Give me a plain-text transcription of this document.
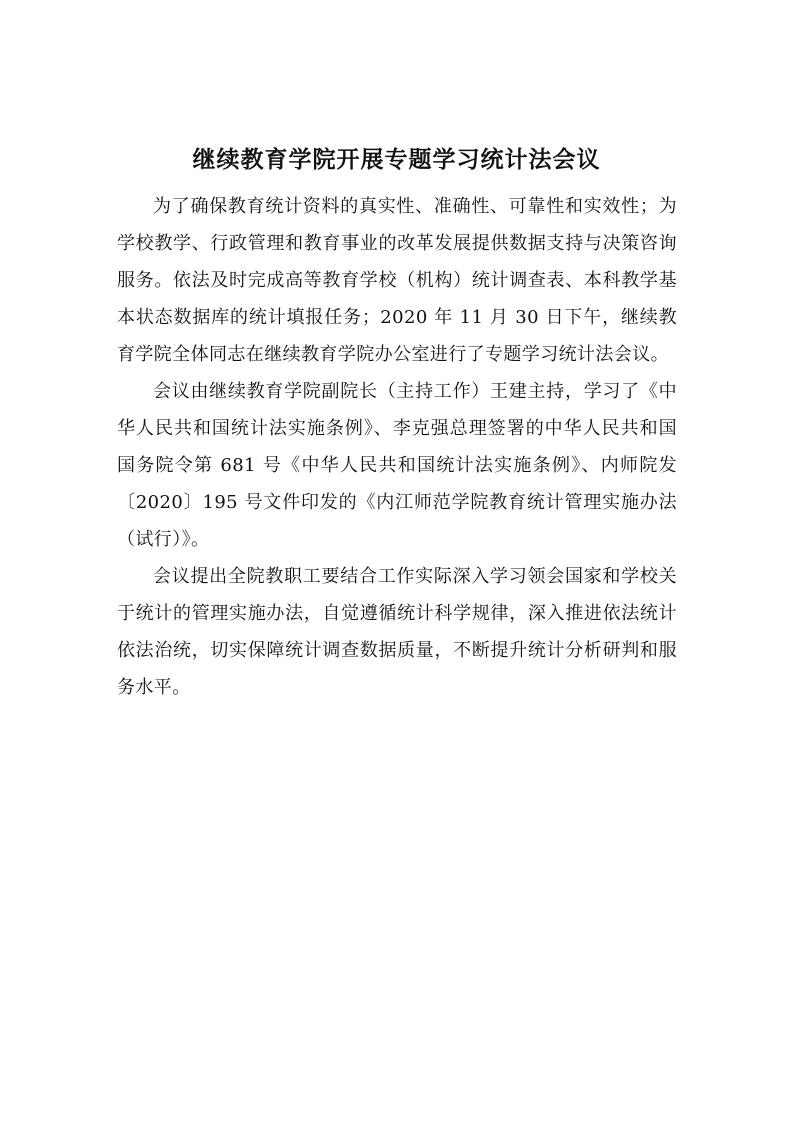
继续教育学院开展专题学习统计法会议

为了确保教育统计资料的真实性、准确性、可靠性和实效性；为学校教学、行政管理和教育事业的改革发展提供数据支持与决策咨询服务。依法及时完成高等教育学校（机构）统计调查表、本科教学基本状态数据库的统计填报任务；2020 年 11 月 30 日下午，继续教育学院全体同志在继续教育学院办公室进行了专题学习统计法会议。

会议由继续教育学院副院长（主持工作）王建主持，学习了《中华人民共和国统计法实施条例》、李克强总理签署的中华人民共和国国务院令第 681 号《中华人民共和国统计法实施条例》、内师院发〔2020〕195 号文件印发的《内江师范学院教育统计管理实施办法（试行）》。

会议提出全院教职工要结合工作实际深入学习领会国家和学校关于统计的管理实施办法，自觉遵循统计科学规律，深入推进依法统计依法治统，切实保障统计调查数据质量，不断提升统计分析研判和服务水平。
